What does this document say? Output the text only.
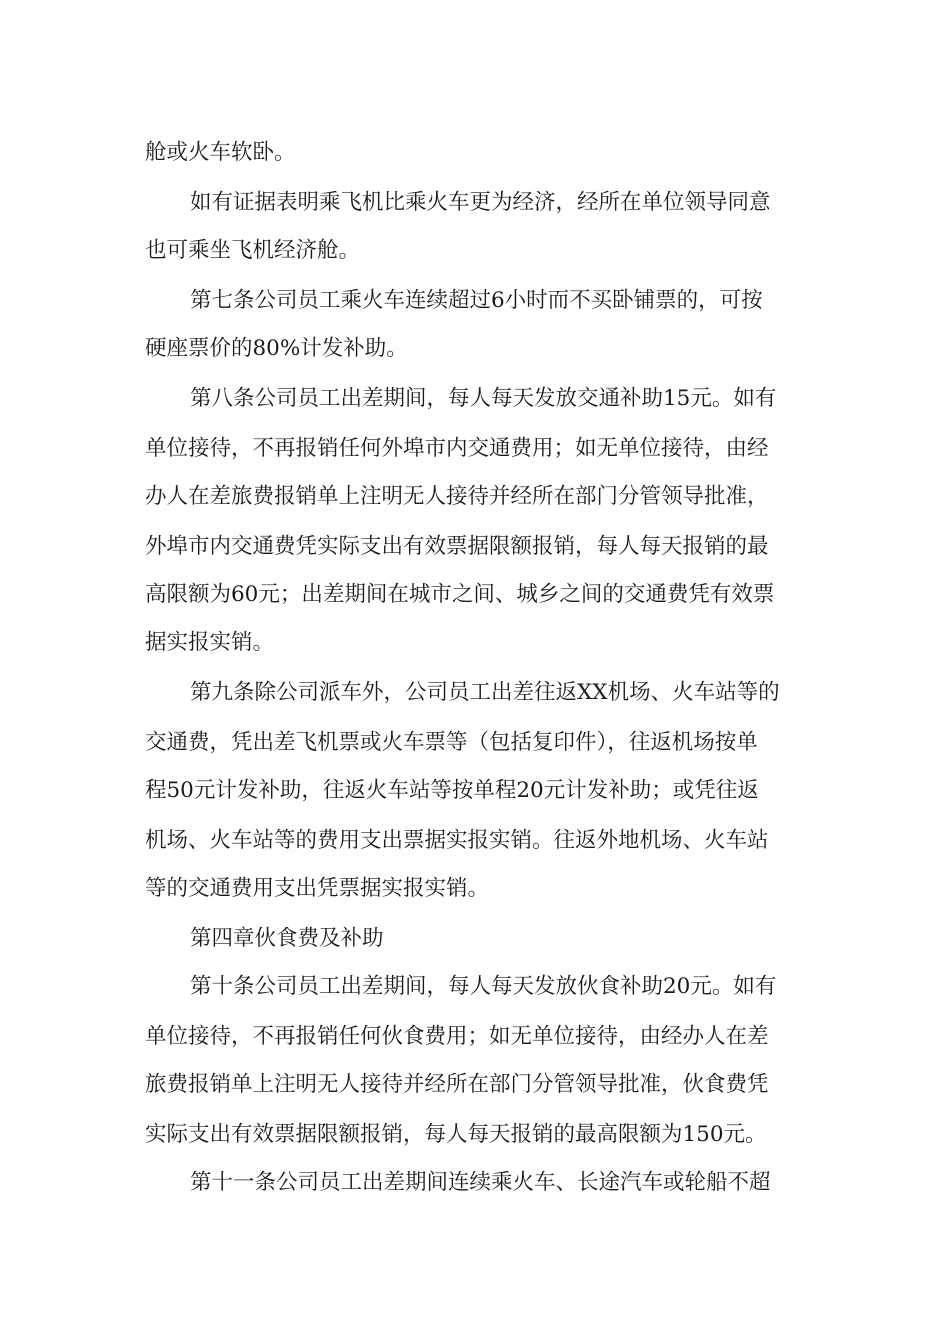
舱或火车软卧。
如有证据表明乘飞机比乘火车更为经济，经所在单位领导同意
也可乘坐飞机经济舱。
第七条公司员工乘火车连续超过6小时而不买卧铺票的，可按
硬座票价的80%计发补助。
第八条公司员工出差期间，每人每天发放交通补助15元。如有
单位接待，不再报销任何外埠市内交通费用；如无单位接待，由经
办人在差旅费报销单上注明无人接待并经所在部门分管领导批准，
外埠市内交通费凭实际支出有效票据限额报销，每人每天报销的最
高限额为60元；出差期间在城市之间、城乡之间的交通费凭有效票
据实报实销。
第九条除公司派车外，公司员工出差往返XX机场、火车站等的
交通费，凭出差飞机票或火车票等（包括复印件），往返机场按单
程50元计发补助，往返火车站等按单程20元计发补助；或凭往返
机场、火车站等的费用支出票据实报实销。往返外地机场、火车站
等的交通费用支出凭票据实报实销。
第四章伙食费及补助
第十条公司员工出差期间，每人每天发放伙食补助20元。如有
单位接待，不再报销任何伙食费用；如无单位接待，由经办人在差
旅费报销单上注明无人接待并经所在部门分管领导批准，伙食费凭
实际支出有效票据限额报销，每人每天报销的最高限额为150元。
第十一条公司员工出差期间连续乘火车、长途汽车或轮船不超
